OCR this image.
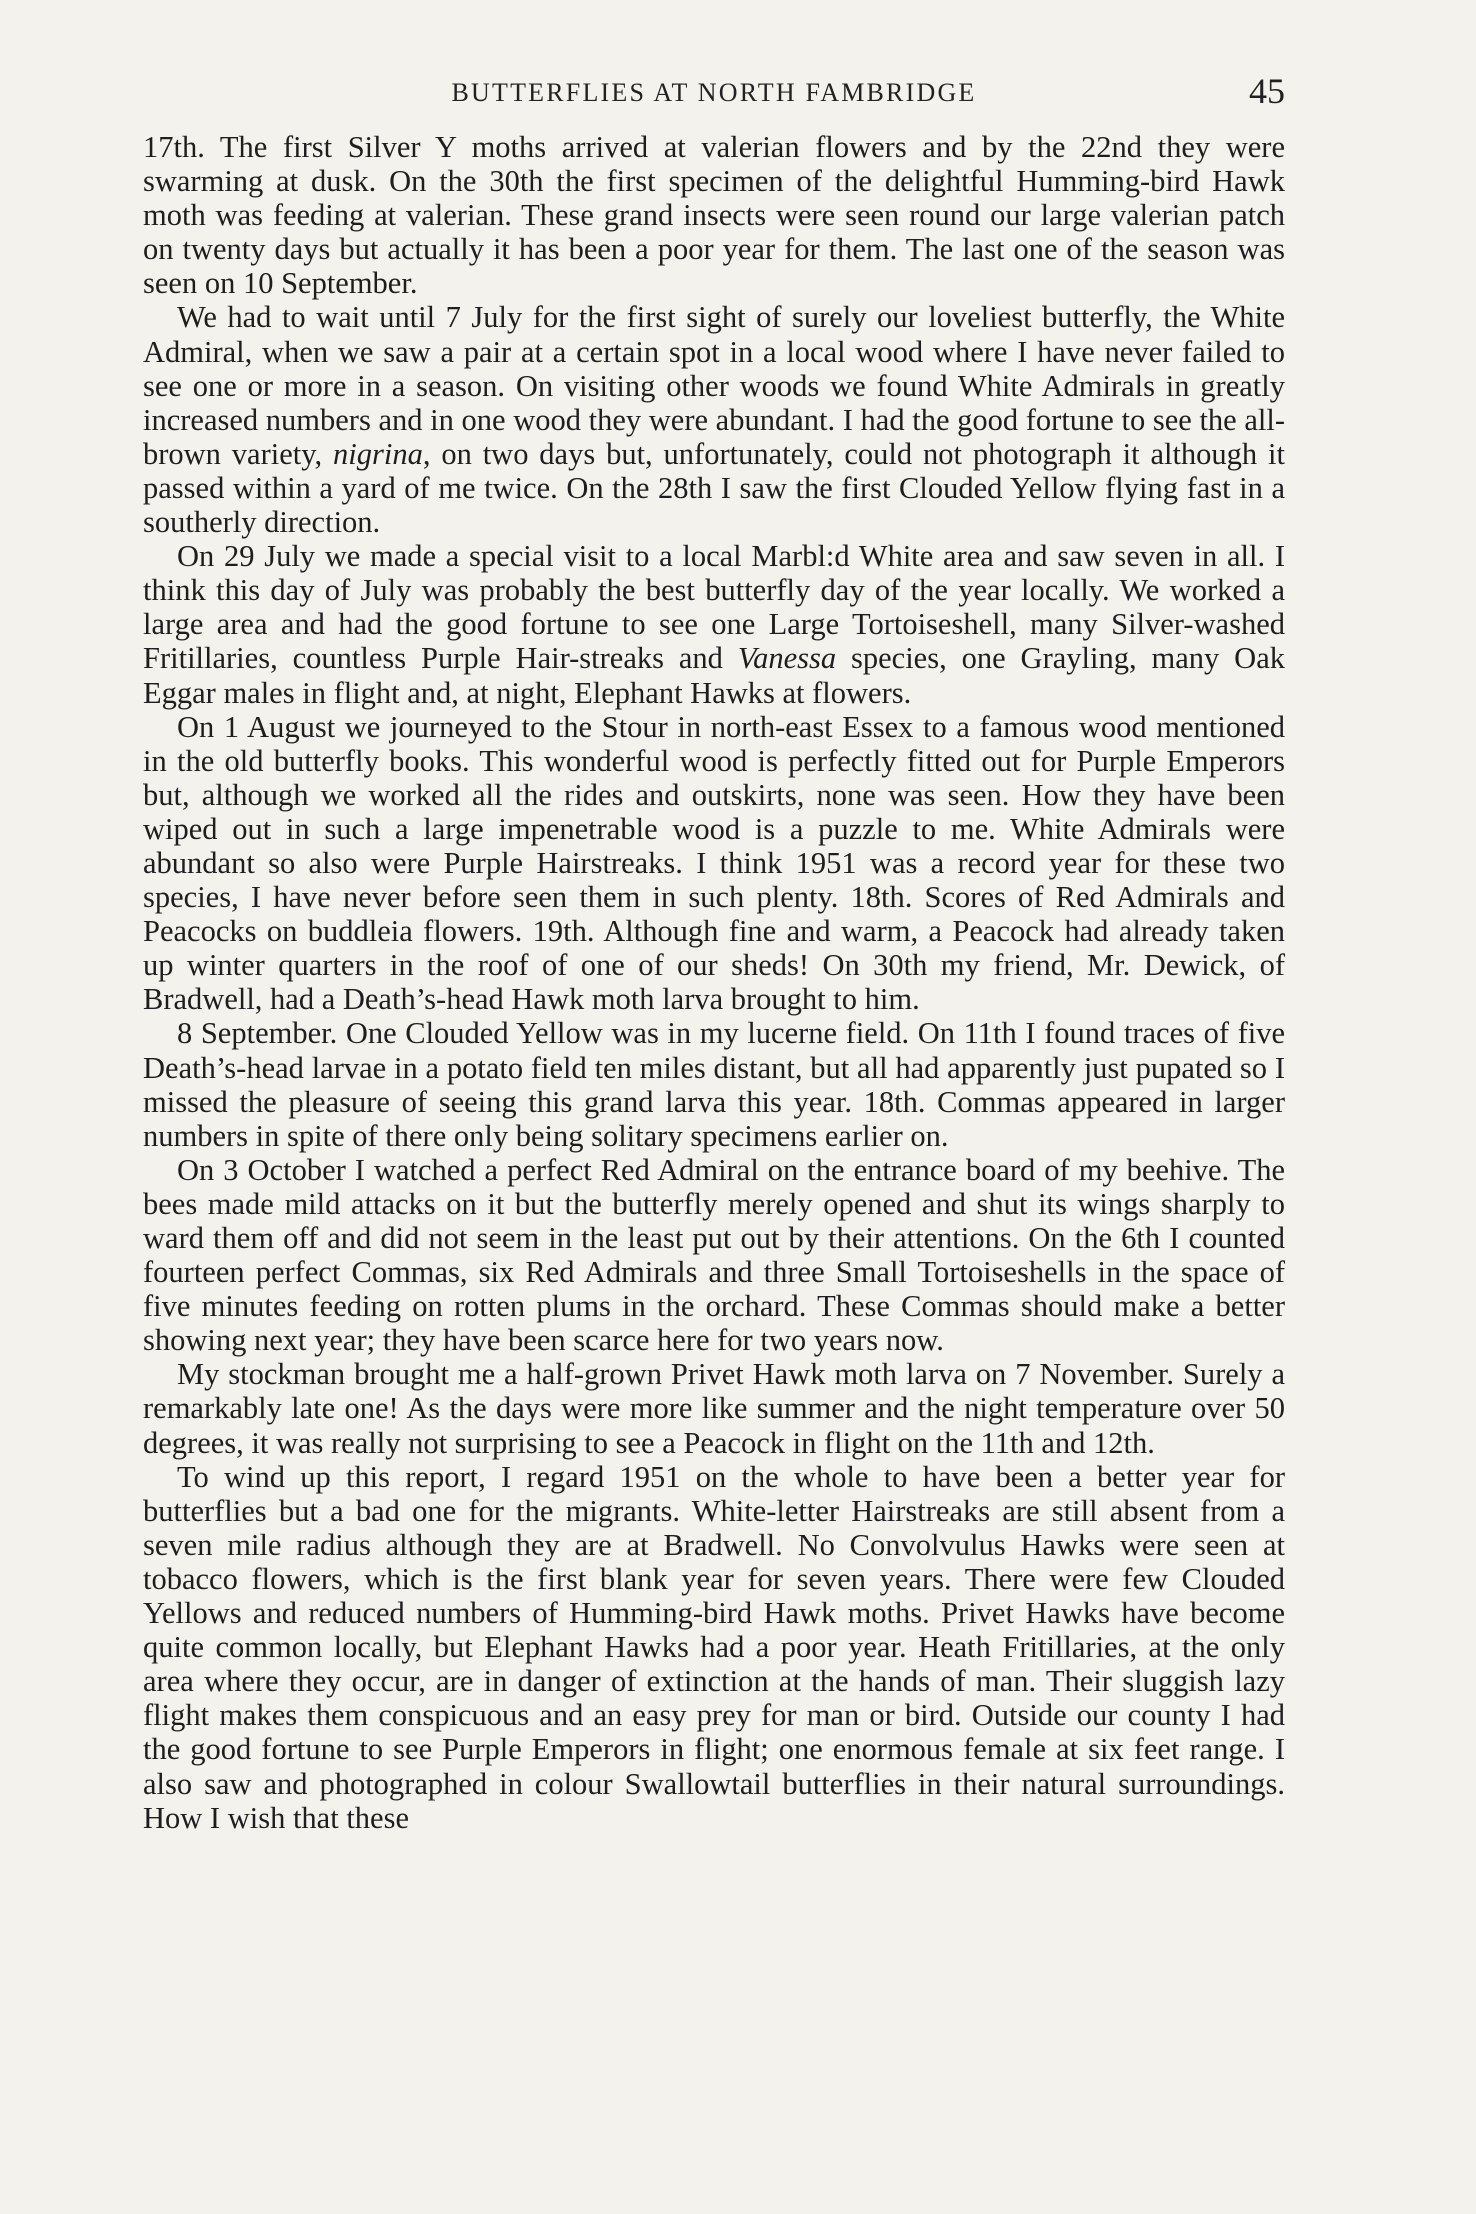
BUTTERFLIES AT NORTH FAMBRIDGE	45

17th. The first Silver Y moths arrived at valerian flowers and by the 22nd they were swarming at dusk. On the 30th the first specimen of the delightful Humming-bird Hawk moth was feeding at valerian. These grand insects were seen round our large valerian patch on twenty days but actually it has been a poor year for them. The last one of the season was seen on 10 September.

We had to wait until 7 July for the first sight of surely our loveliest butterfly, the White Admiral, when we saw a pair at a certain spot in a local wood where I have never failed to see one or more in a season. On visiting other woods we found White Admirals in greatly increased numbers and in one wood they were abundant. I had the good fortune to see the all-brown variety, nigrina, on two days but, unfortunately, could not photograph it although it passed within a yard of me twice. On the 28th I saw the first Clouded Yellow flying fast in a southerly direction.

On 29 July we made a special visit to a local Marbl:d White area and saw seven in all. I think this day of July was probably the best butterfly day of the year locally. We worked a large area and had the good fortune to see one Large Tortoiseshell, many Silver-washed Fritillaries, countless Purple Hair-streaks and Vanessa species, one Grayling, many Oak Eggar males in flight and, at night, Elephant Hawks at flowers.

On 1 August we journeyed to the Stour in north-east Essex to a famous wood mentioned in the old butterfly books. This wonderful wood is perfectly fitted out for Purple Emperors but, although we worked all the rides and outskirts, none was seen. How they have been wiped out in such a large impenetrable wood is a puzzle to me. White Admirals were abundant so also were Purple Hairstreaks. I think 1951 was a record year for these two species, I have never before seen them in such plenty. 18th. Scores of Red Admirals and Peacocks on buddleia flowers. 19th. Although fine and warm, a Peacock had already taken up winter quarters in the roof of one of our sheds! On 30th my friend, Mr. Dewick, of Bradwell, had a Death’s-head Hawk moth larva brought to him.

8 September. One Clouded Yellow was in my lucerne field. On 11th I found traces of five Death’s-head larvae in a potato field ten miles distant, but all had apparently just pupated so I missed the pleasure of seeing this grand larva this year. 18th. Commas appeared in larger numbers in spite of there only being solitary specimens earlier on.

On 3 October I watched a perfect Red Admiral on the entrance board of my beehive. The bees made mild attacks on it but the butterfly merely opened and shut its wings sharply to ward them off and did not seem in the least put out by their attentions. On the 6th I counted fourteen perfect Commas, six Red Admirals and three Small Tortoiseshells in the space of five minutes feeding on rotten plums in the orchard. These Commas should make a better showing next year; they have been scarce here for two years now.

My stockman brought me a half-grown Privet Hawk moth larva on 7 November. Surely a remarkably late one! As the days were more like summer and the night temperature over 50 degrees, it was really not surprising to see a Peacock in flight on the 11th and 12th.

To wind up this report, I regard 1951 on the whole to have been a better year for butterflies but a bad one for the migrants. White-letter Hairstreaks are still absent from a seven mile radius although they are at Bradwell. No Convolvulus Hawks were seen at tobacco flowers, which is the first blank year for seven years. There were few Clouded Yellows and reduced numbers of Humming-bird Hawk moths. Privet Hawks have become quite common locally, but Elephant Hawks had a poor year. Heath Fritillaries, at the only area where they occur, are in danger of extinction at the hands of man. Their sluggish lazy flight makes them conspicuous and an easy prey for man or bird. Outside our county I had the good fortune to see Purple Emperors in flight; one enormous female at six feet range. I also saw and photographed in colour Swallowtail butterflies in their natural surroundings. How I wish that these
